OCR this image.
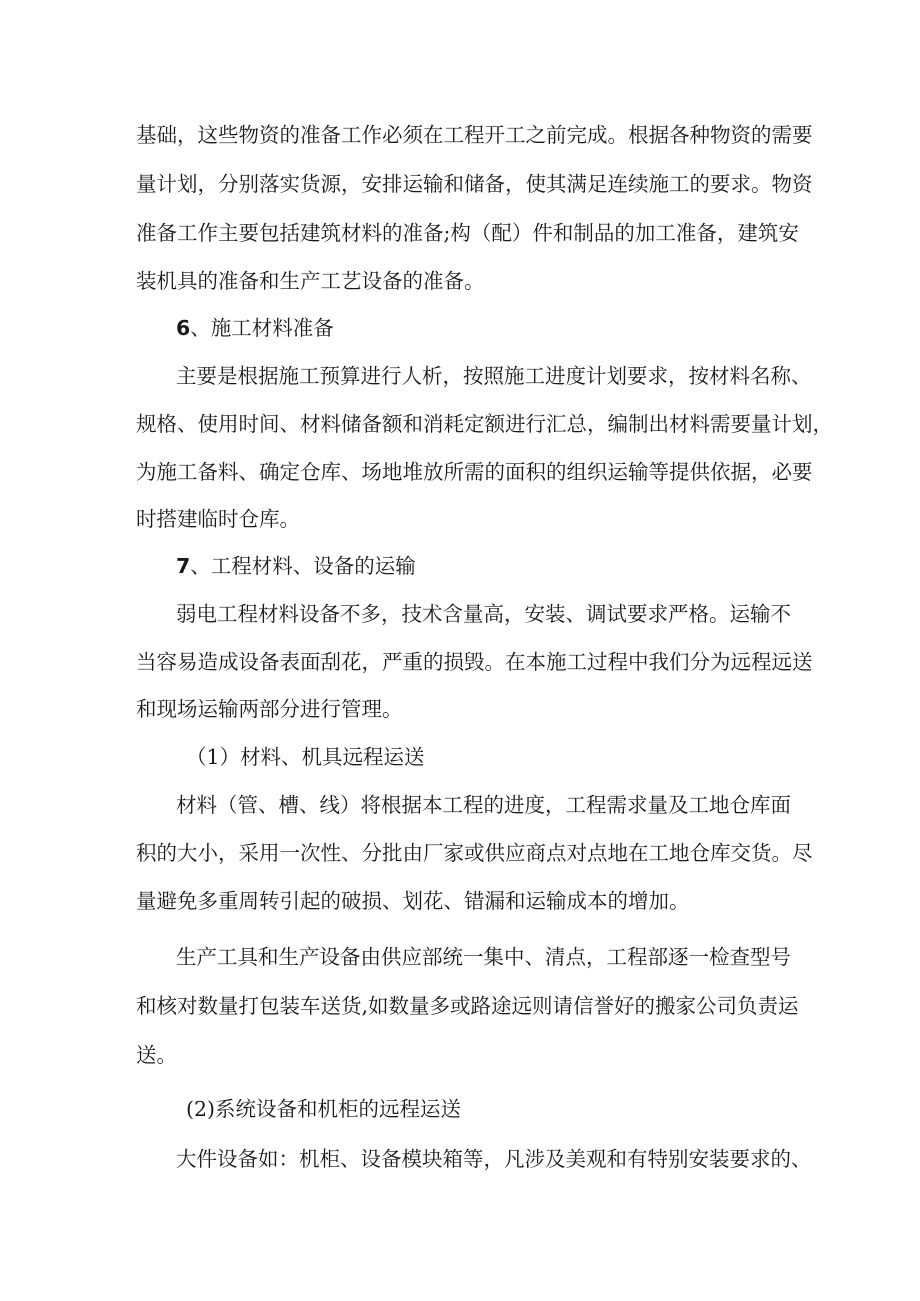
基础，这些物资的准备工作必须在工程开工之前完成。根据各种物资的需要
量计划，分别落实货源，安排运输和储备，使其满足连续施工的要求。物资
准备工作主要包括建筑材料的准备;构（配）件和制品的加工准备，建筑安
装机具的准备和生产工艺设备的准备。
6、施工材料准备
主要是根据施工预算进行人析，按照施工进度计划要求，按材料名称、
规格、使用时间、材料储备额和消耗定额进行汇总，编制出材料需要量计划，
为施工备料、确定仓库、场地堆放所需的面积的组织运输等提供依据，必要
时搭建临时仓库。
7、工程材料、设备的运输
弱电工程材料设备不多，技术含量高，安装、调试要求严格。运输不
当容易造成设备表面刮花，严重的损毁。在本施工过程中我们分为远程远送
和现场运输两部分进行管理。
（1）材料、机具远程运送
材料（管、槽、线）将根据本工程的进度，工程需求量及工地仓库面
积的大小，采用一次性、分批由厂家或供应商点对点地在工地仓库交货。尽
量避免多重周转引起的破损、划花、错漏和运输成本的增加。
生产工具和生产设备由供应部统一集中、清点，工程部逐一检查型号
和核对数量打包装车送货,如数量多或路途远则请信誉好的搬家公司负责运
送。
(2)系统设备和机柜的远程运送
大件设备如：机柜、设备模块箱等，凡涉及美观和有特别安装要求的、
